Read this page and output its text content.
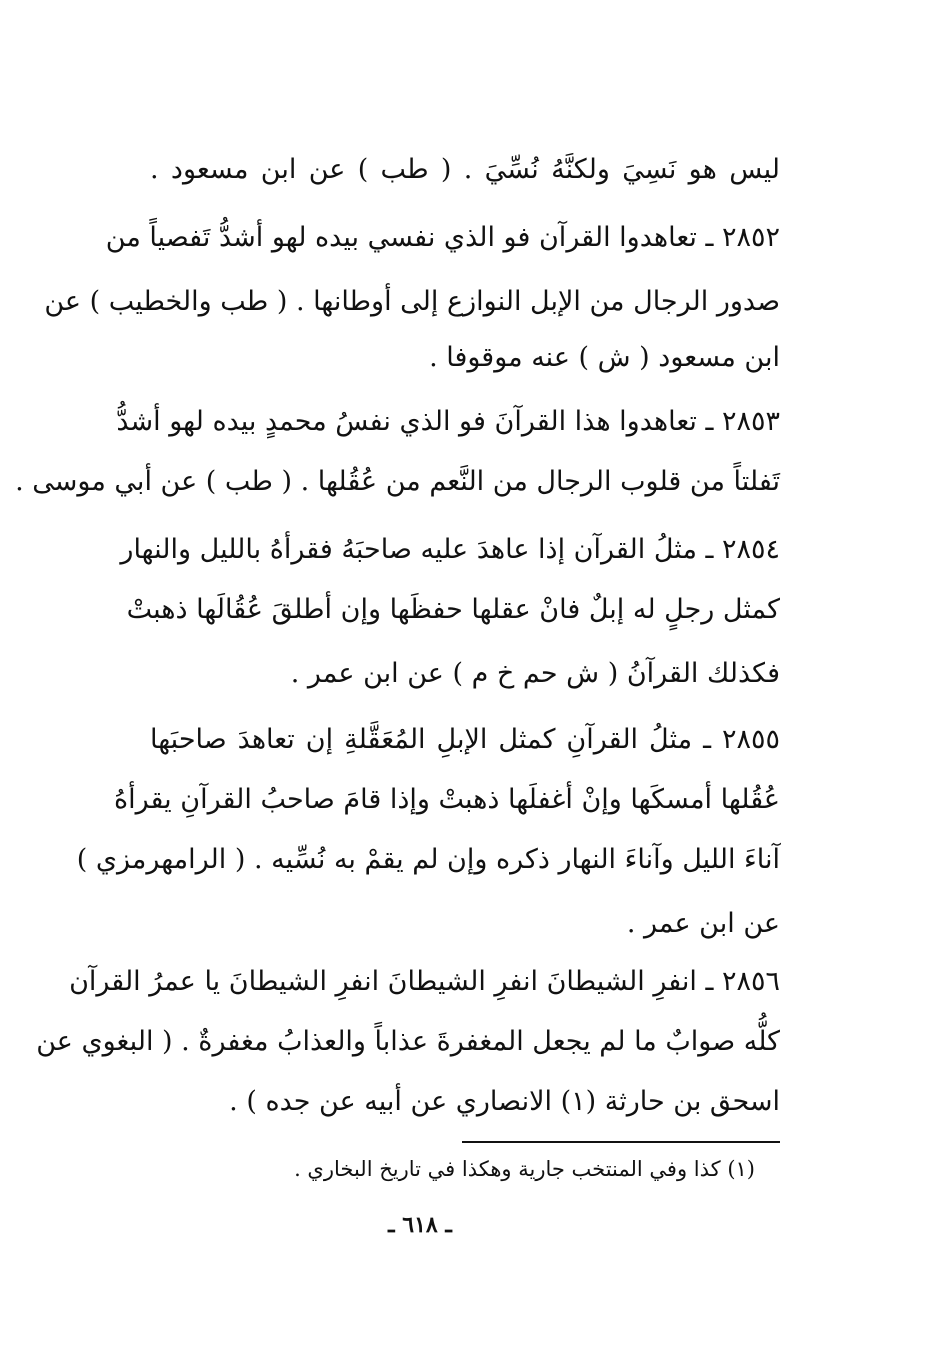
ليس هو نَسِيَ ولكنَّهُ نُسِّيَ . ( طب ) عن ابن مسعود .
٢٨٥٢ ـ تعاهدوا القرآن فو الذي نفسي بيده لهو أشدُّ تَفصياً من
صدور الرجال من الإبل النوازع إلى أوطانها . ( طب والخطيب ) عن
ابن مسعود ( ش ) عنه موقوفا .
٢٨٥٣ ـ تعاهدوا هذا القرآنَ فو الذي نفسُ محمدٍ بيده لهو أشدُّ
تَفلتاً من قلوب الرجال من النَّعم من عُقُلها . ( طب ) عن أبي موسى .
٢٨٥٤ ـ مثلُ القرآن إذا عاهدَ عليه صاحبَهُ فقرأهُ بالليل والنهار
كمثل رجلٍ له إبلٌ فانْ عقلها حفظَها وإن أطلقَ عُقُالَها ذهبتْ
فكذلك القرآنُ ( ش حم خ م ) عن ابن عمر .
٢٨٥٥ ـ مثلُ القرآنِ كمثل الإبلِ المُعَقَّلةِ إن تعاهدَ صاحبَها
عُقُلها أمسكَها وإنْ أغفلَها ذهبتْ وإذا قامَ صاحبُ القرآنِ يقرأهُ
آناءَ الليل وآناءَ النهار ذكره وإن لم يقمْ به نُسِّيه . ( الرامهرمزي )
عن ابن عمر .
٢٨٥٦ ـ انفرِ الشيطانَ انفرِ الشيطانَ انفرِ الشيطانَ يا عمرُ القرآن
كلُّه صوابٌ ما لم يجعل المغفرةَ عذاباً والعذابُ مغفرةٌ . ( البغوي عن
اسحق بن حارثة (١) الانصاري عن أبيه عن جده ) .
(١) كذا وفي المنتخب جارية وهكذا في تاريخ البخاري .
ـ ٦١٨ ـ
